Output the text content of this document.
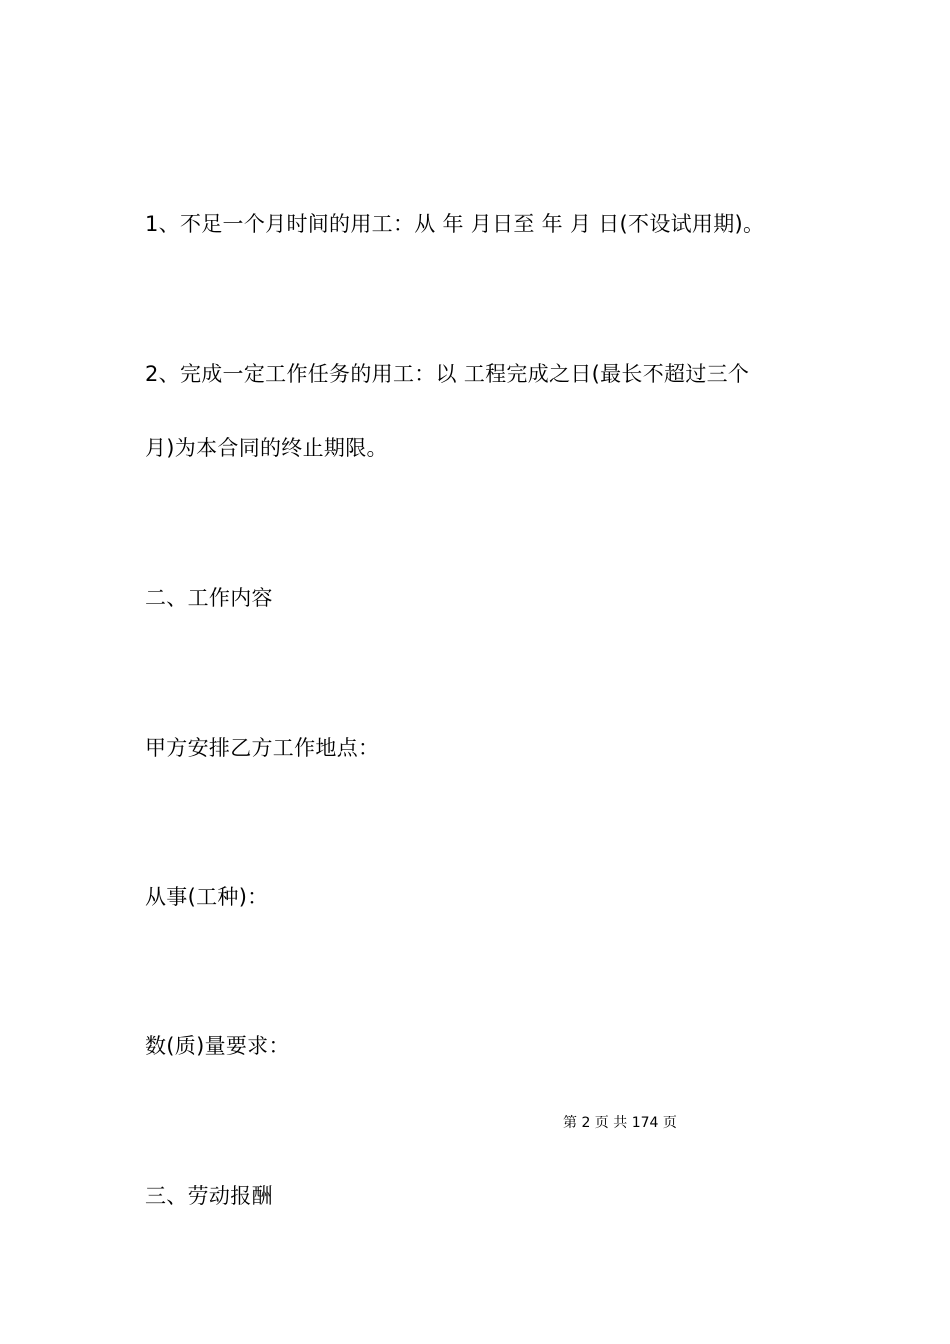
1、不足一个月时间的用工：从 年 月日至 年 月 日(不设试用期)。
2、完成一定工作任务的用工：以 工程完成之日(最长不超过三个
月)为本合同的终止期限。
二、工作内容
甲方安排乙方工作地点：
从事(工种)：
数(质)量要求：
第 2 页 共 174 页
三、劳动报酬
